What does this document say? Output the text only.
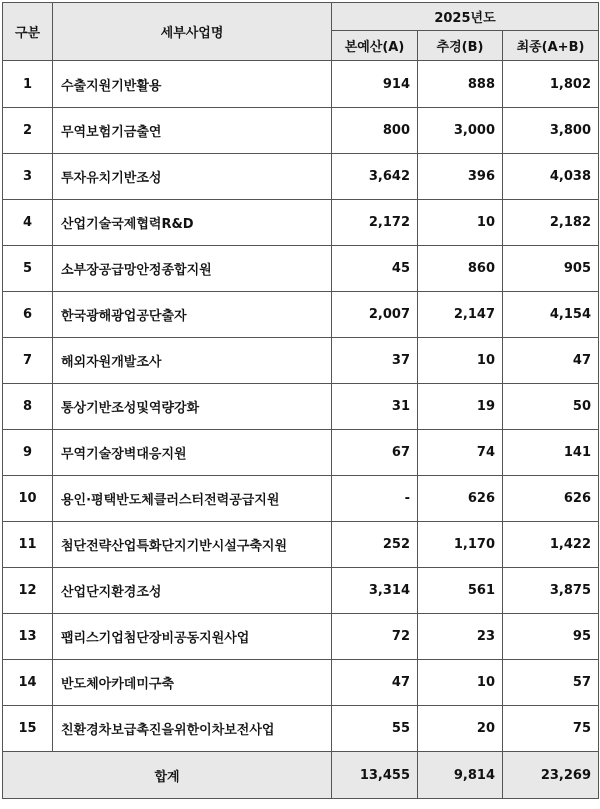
구분	세부사업명	2025년도		
		본예산(A)	추경(B)	최종(A+B)
1	수출지원기반활용	914	888	1,802
2	무역보험기금출연	800	3,000	3,800
3	투자유치기반조성	3,642	396	4,038
4	산업기술국제협력R&D	2,172	10	2,182
5	소부장공급망안정종합지원	45	860	905
6	한국광해광업공단출자	2,007	2,147	4,154
7	해외자원개발조사	37	10	47
8	통상기반조성및역량강화	31	19	50
9	무역기술장벽대응지원	67	74	141
10	용인·평택반도체클러스터전력공급지원	-	626	626
11	첨단전략산업특화단지기반시설구축지원	252	1,170	1,422
12	산업단지환경조성	3,314	561	3,875
13	팹리스기업첨단장비공동지원사업	72	23	95
14	반도체아카데미구축	47	10	57
15	친환경차보급촉진을위한이차보전사업	55	20	75
합계		13,455	9,814	23,269
